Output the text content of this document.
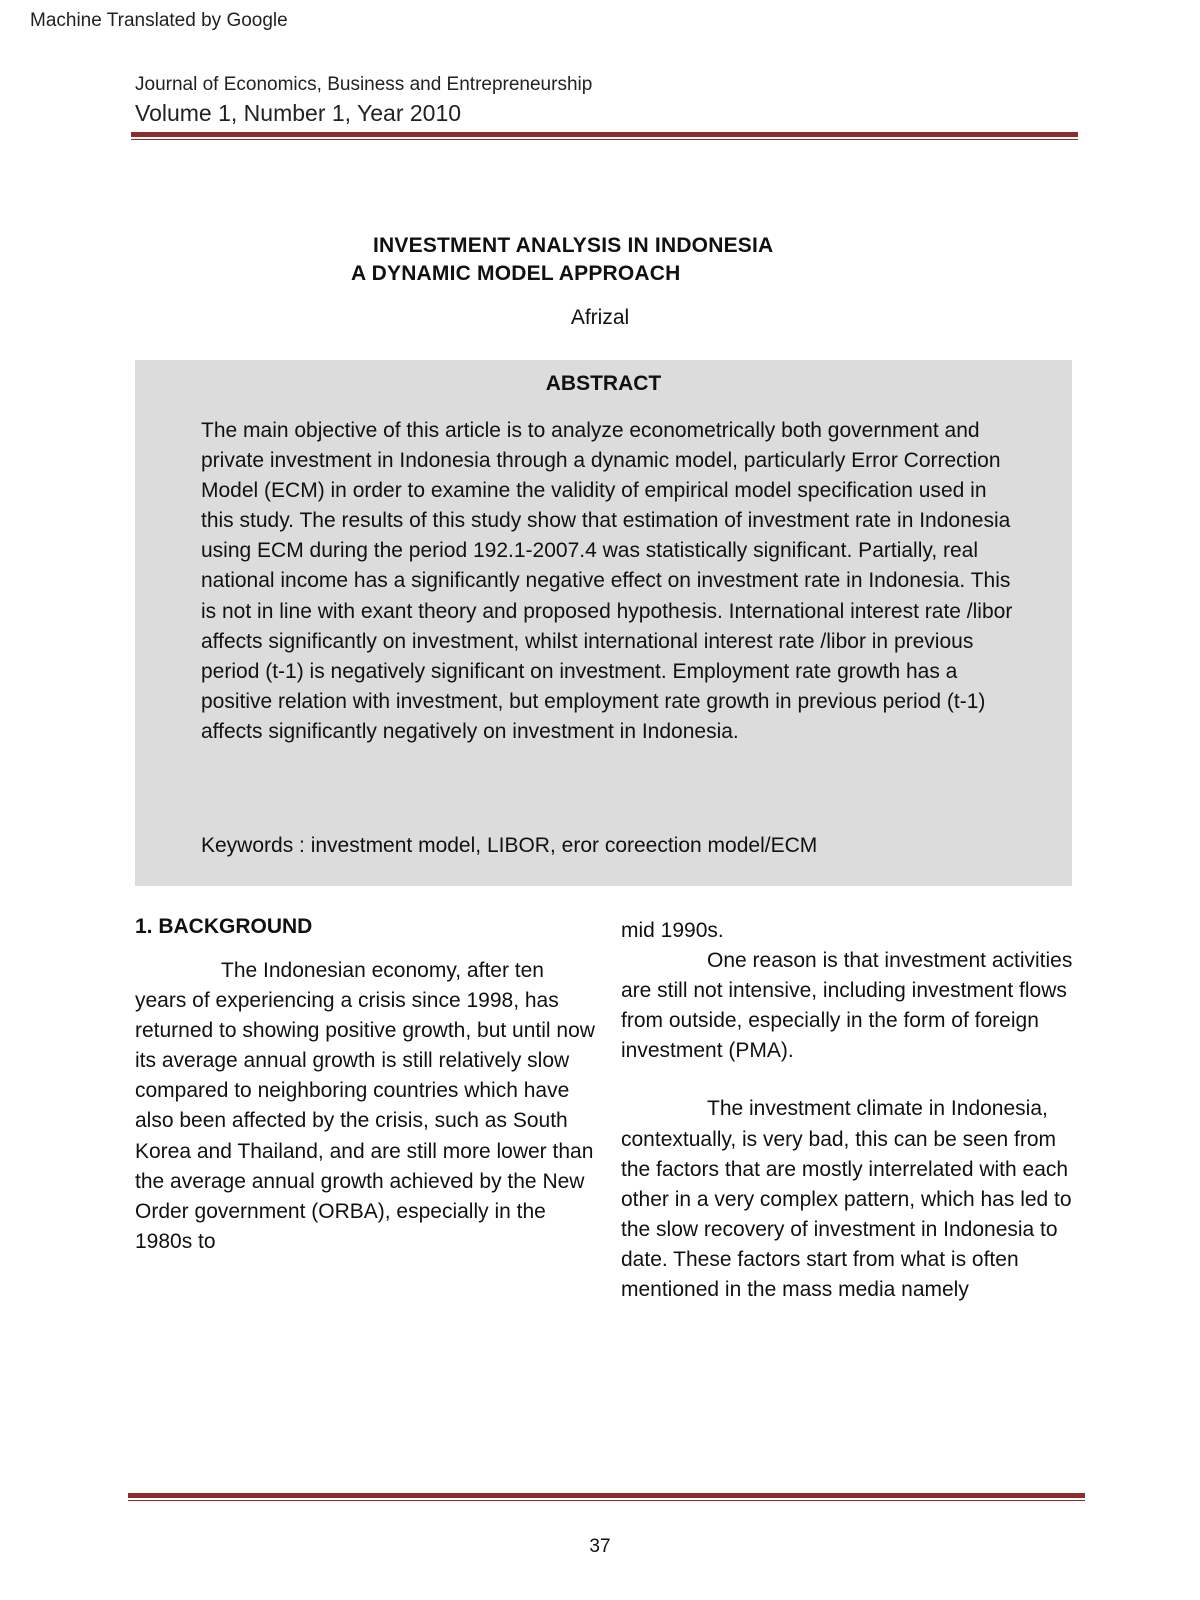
Machine Translated by Google
Journal of Economics, Business and Entrepreneurship
Volume 1, Number 1, Year 2010
INVESTMENT ANALYSIS IN INDONESIA
A DYNAMIC MODEL APPROACH
Afrizal
ABSTRACT
The main objective of this article is to analyze econometrically both government and private investment in Indonesia through a dynamic model, particularly Error Correction Model (ECM) in order to examine the validity of empirical model specification used in this study. The results of this study show that estimation of investment rate in Indonesia using ECM during the period 192.1-2007.4 was statistically significant. Partially, real national income has a significantly negative effect on investment rate in Indonesia. This is not in line with exant theory and proposed hypothesis. International interest rate /libor affects significantly on investment, whilst international interest rate /libor in previous period (t-1) is negatively significant on investment. Employment rate growth has a positive relation with investment, but employment rate growth in previous period (t-1) affects significantly negatively on investment in Indonesia.
Keywords : investment model, LIBOR, eror coreection model/ECM
1. BACKGROUND
The Indonesian economy, after ten years of experiencing a crisis since 1998, has returned to showing positive growth, but until now its average annual growth is still relatively slow compared to neighboring countries which have also been affected by the crisis, such as South Korea and Thailand, and are still more lower than the average annual growth achieved by the New Order government (ORBA), especially in the 1980s to
mid 1990s.
One reason is that investment activities are still not intensive, including investment flows from outside, especially in the form of foreign investment (PMA).
The investment climate in Indonesia, contextually, is very bad, this can be seen from the factors that are mostly interrelated with each other in a very complex pattern, which has led to the slow recovery of investment in Indonesia to date. These factors start from what is often mentioned in the mass media namely
37
